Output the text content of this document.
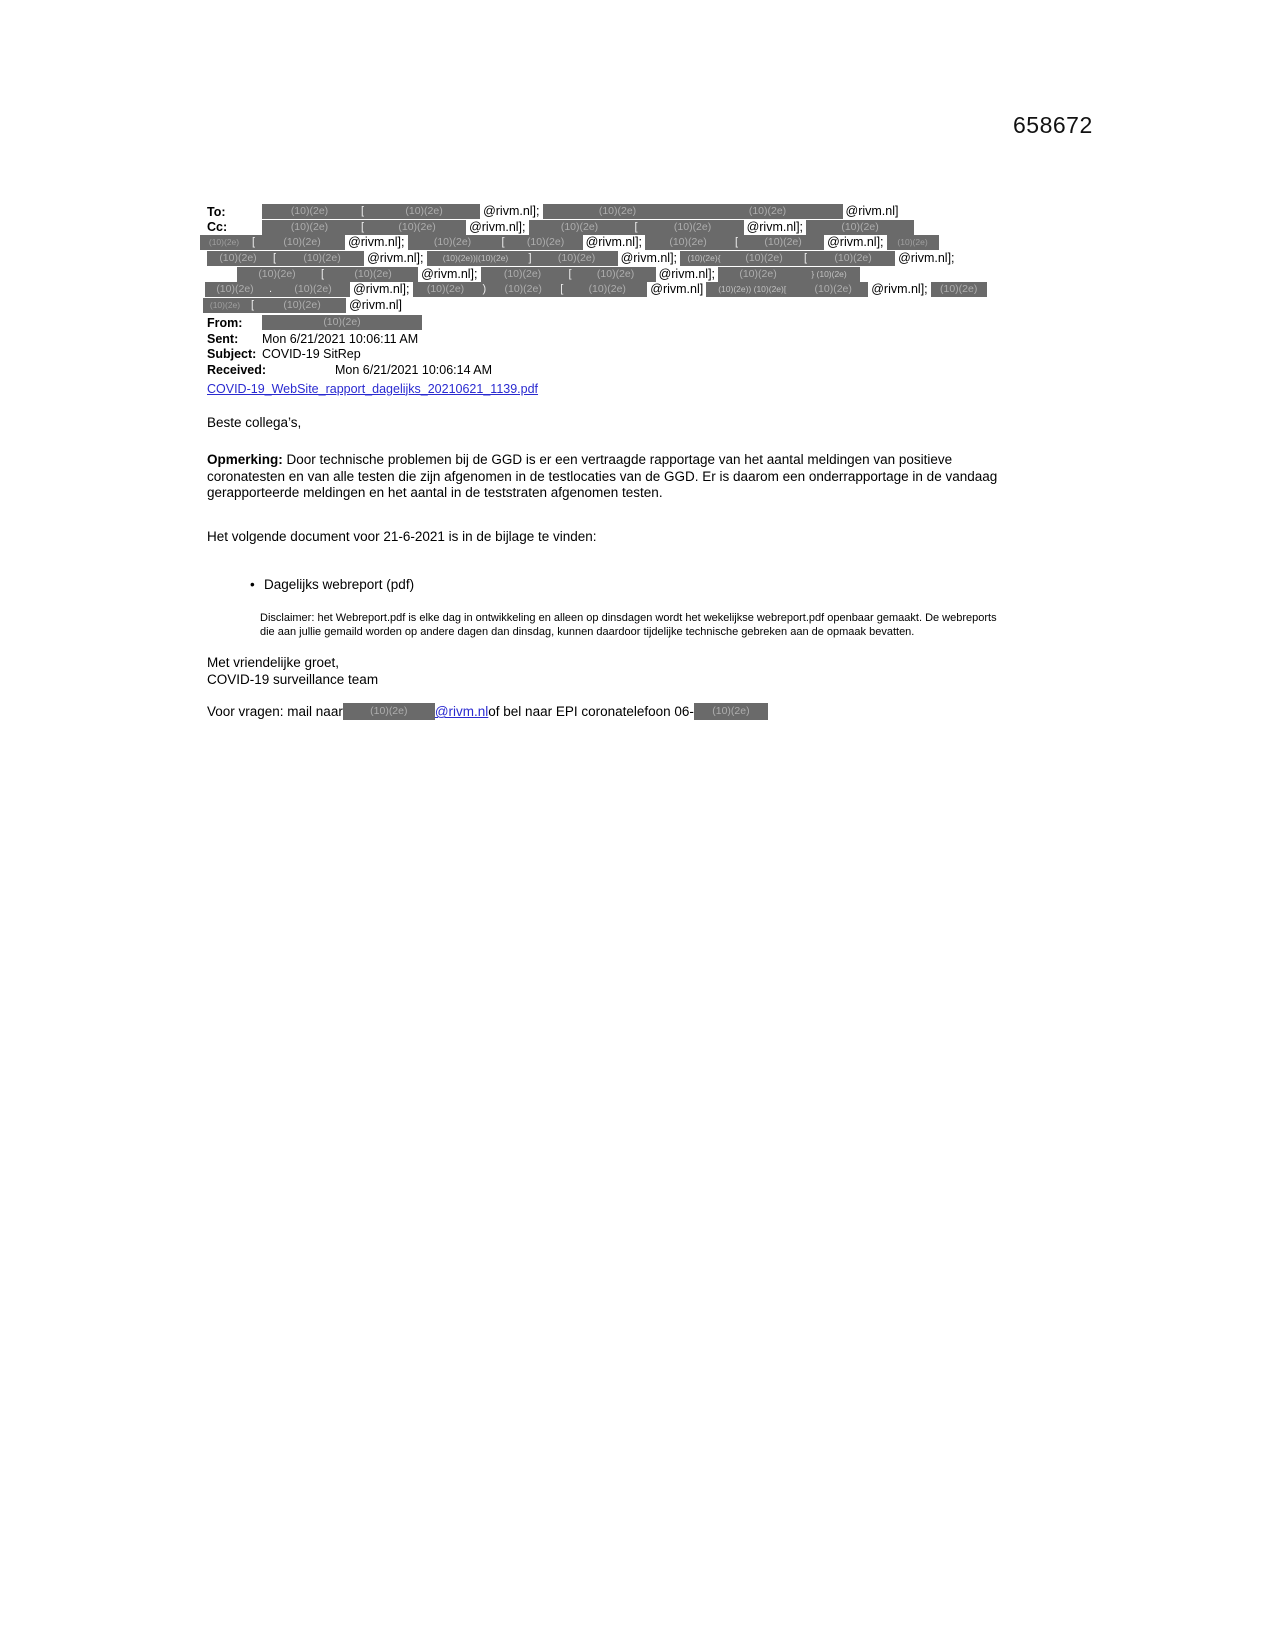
658672
To:	(10)(2e)	[	(10)(2e)	@rivm.nl];	(10)(2e)	(10)(2e)	@rivm.nl]
Cc:	(10)(2e)	[	(10)(2e)	@rivm.nl];	(10)(2e)	[	(10)(2e)	@rivm.nl];	(10)(2e)
(10)(2e)	[	(10)(2e)	@rivm.nl];	(10)(2e)	[	(10)(2e)	@rivm.nl];	(10)(2e)	[	(10)(2e)	@rivm.nl];	(10)(2e)
(10)(2e)	[	(10)(2e)	@rivm.nl];	(10)(2e))|(10)(2e)	]	(10)(2e)	@rivm.nl];	(10)(2e){	(10)(2e)	[	(10)(2e)	@rivm.nl];
(10)(2e)	[	(10)(2e)	@rivm.nl];	(10)(2e)	[	(10)(2e)	@rivm.nl];	(10)(2e)	} (10)(2e)
(10)(2e)	.	(10)(2e)	@rivm.nl];	(10)(2e)	)	(10)(2e)	[	(10)(2e)	@rivm.nl]	(10)(2e)) (10)(2e)[	(10)(2e)	@rivm.nl];	(10)(2e)
(10)(2e) [	(10)(2e)	@rivm.nl]
From:	(10)(2e)
Sent:	Mon 6/21/2021 10:06:11 AM
Subject: COVID-19 SitRep
Received:	Mon 6/21/2021 10:06:14 AM
COVID-19_WebSite_rapport_dagelijks_20210621_1139.pdf
Beste collega’s,
Opmerking: Door technische problemen bij de GGD is er een vertraagde rapportage van het aantal meldingen van positieve coronatesten en van alle testen die zijn afgenomen in de testlocaties van de GGD. Er is daarom een onderrapportage in de vandaag gerapporteerde meldingen en het aantal in de teststraten afgenomen testen.
Het volgende document voor 21-6-2021 is in de bijlage te vinden:
• Dagelijks webreport (pdf)
Disclaimer: het Webreport.pdf is elke dag in ontwikkeling en alleen op dinsdagen wordt het wekelijkse webreport.pdf openbaar gemaakt. De webreports die aan jullie gemaild worden op andere dagen dan dinsdag, kunnen daardoor tijdelijke technische gebreken aan de opmaak bevatten.
Met vriendelijke groet,
COVID-19 surveillance team
Voor vragen: mail naar	(10)(2e)	@rivm.nl of bel naar EPI coronatelefoon 06-	(10)(2e)
